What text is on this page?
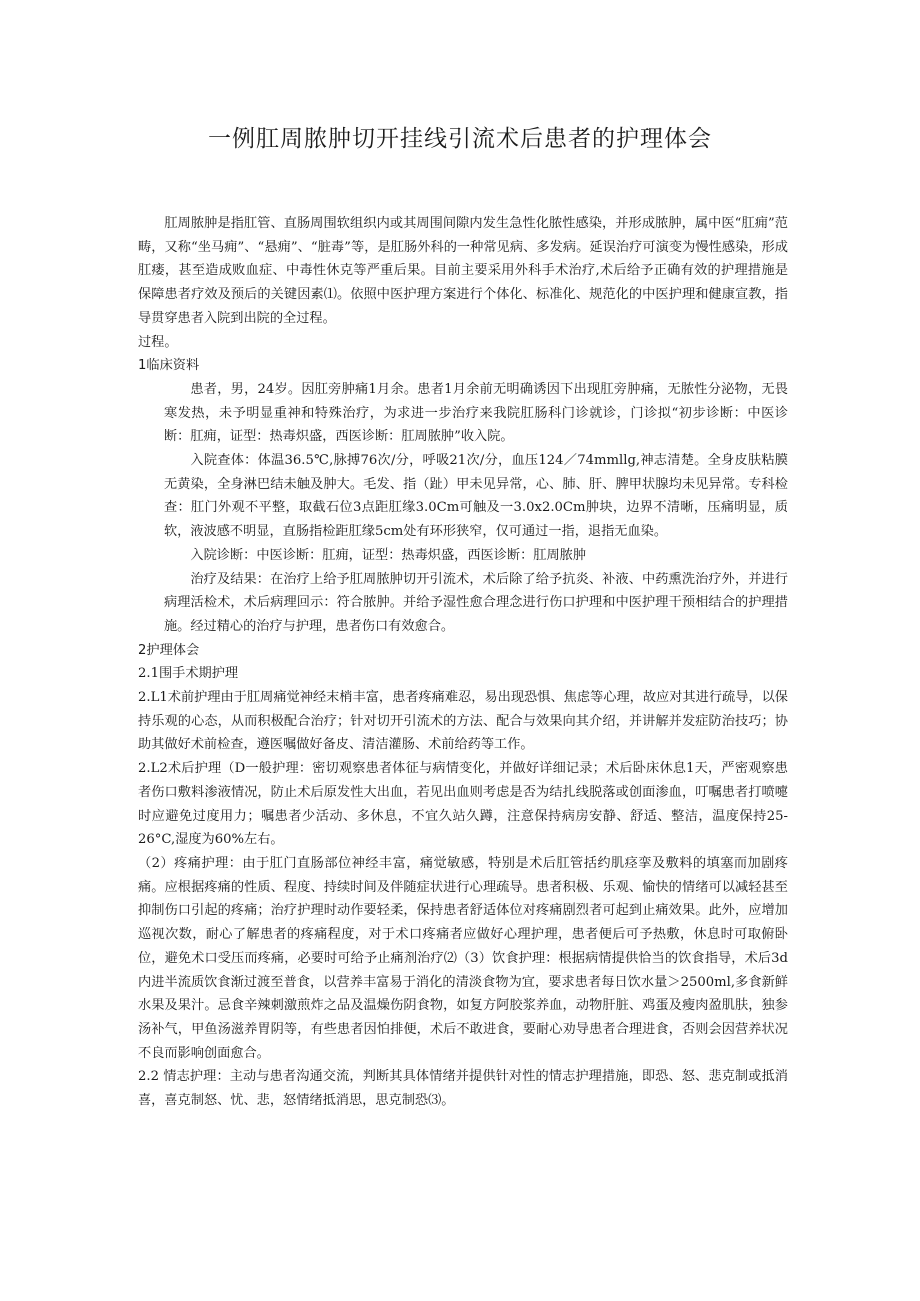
一例肛周脓肿切开挂线引流术后患者的护理体会

肛周脓肿是指肛管、直肠周围软组织内或其周围间隙内发生急性化脓性感染，并形成脓肿，属中医“肛痈”范畴，又称“坐马痈”、“悬痈”、“脏毒”等，是肛肠外科的一种常见病、多发病。延误治疗可演变为慢性感染，形成肛瘘，甚至造成败血症、中毒性休克等严重后果。目前主要采用外科手术治疗,术后给予正确有效的护理措施是保障患者疗效及预后的关键因素⑴。依照中医护理方案进行个体化、标准化、规范化的中医护理和健康宣教，指导贯穿患者入院到出院的全过程。

过程。

1临床资料

患者，男，24岁。因肛旁肿痛1月余。患者1月余前无明确诱因下出现肛旁肿痛，无脓性分泌物，无畏寒发热，未予明显重神和特殊治疗，为求进一步治疗来我院肛肠科门诊就诊，门诊拟“初步诊断：中医诊断：肛痈，证型：热毒炽盛，西医诊断：肛周脓肿”收入院。

入院查体：体温36.5℃,脉搏76次/分，呼吸21次/分，血压124／74mmllg,神志清楚。全身皮肤粘膜无黄染，全身淋巴结未触及肿大。毛发、指（趾）甲未见异常，心、肺、肝、脾甲状腺均未见异常。专科检查：肛门外观不平整，取截石位3点距肛缘3.0Cm可触及一3.0x2.0Cm肿块，边界不清晰，压痛明显，质软，液波感不明显，直肠指检距肛缘5cm处有环形狭窄，仅可通过一指，退指无血染。

入院诊断：中医诊断：肛痈，证型：热毒炽盛，西医诊断：肛周脓肿

治疗及结果：在治疗上给予肛周脓肿切开引流术，术后除了给予抗炎、补液、中药熏洗治疗外，并进行病理活检术，术后病理回示：符合脓肿。并给予湿性愈合理念进行伤口护理和中医护理干预相结合的护理措施。经过精心的治疗与护理，患者伤口有效愈合。

2护理体会

2.1围手术期护理

2.L1术前护理由于肛周痛觉神经末梢丰富，患者疼痛难忍，易出现恐惧、焦虑等心理，故应对其进行疏导，以保持乐观的心态，从而积极配合治疗；针对切开引流术的方法、配合与效果向其介绍，并讲解并发症防治技巧；协助其做好术前检查，遵医嘱做好备皮、清洁灌肠、术前给药等工作。

2.L2术后护理（D一般护理：密切观察患者体征与病情变化，并做好详细记录；术后卧床休息1天，严密观察患者伤口敷料渗液情况，防止术后原发性大出血，若见出血则考虑是否为结扎线脱落或创面渗血，叮嘱患者打喷嚏时应避免过度用力；嘱患者少活动、多休息，不宜久站久蹲，注意保持病房安静、舒适、整洁，温度保持25-26°C,湿度为60%左右。

（2）疼痛护理：由于肛门直肠部位神经丰富，痛觉敏感，特别是术后肛管括约肌痉挛及敷料的填塞而加剧疼痛。应根据疼痛的性质、程度、持续时间及伴随症状进行心理疏导。患者积极、乐观、愉快的情绪可以减轻甚至抑制伤口引起的疼痛；治疗护理时动作要轻柔，保持患者舒适体位对疼痛剧烈者可起到止痛效果。此外，应增加巡视次数，耐心了解患者的疼痛程度，对于术口疼痛者应做好心理护理，患者便后可予热敷，休息时可取俯卧位，避免术口受压而疼痛，必要时可给予止痛剂治疗⑵（3）饮食护理：根据病情提供恰当的饮食指导，术后3d内进半流质饮食渐过渡至普食，以营养丰富易于消化的清淡食物为宜，要求患者每日饮水量＞2500ml,多食新鲜水果及果汁。忌食辛辣刺激煎炸之品及温燥伤阴食物，如复方阿胶浆养血，动物肝脏、鸡蛋及瘦肉盈肌肤，独参汤补气，甲鱼汤滋养胃阴等，有些患者因怕排便，术后不敢进食，要耐心劝导患者合理进食，否则会因营养状况不良而影响创面愈合。

2.2 情志护理：主动与患者沟通交流，判断其具体情绪并提供针对性的情志护理措施，即恐、怒、悲克制或抵消喜，喜克制怒、忧、悲，怒情绪抵消思，思克制恐⑶。
